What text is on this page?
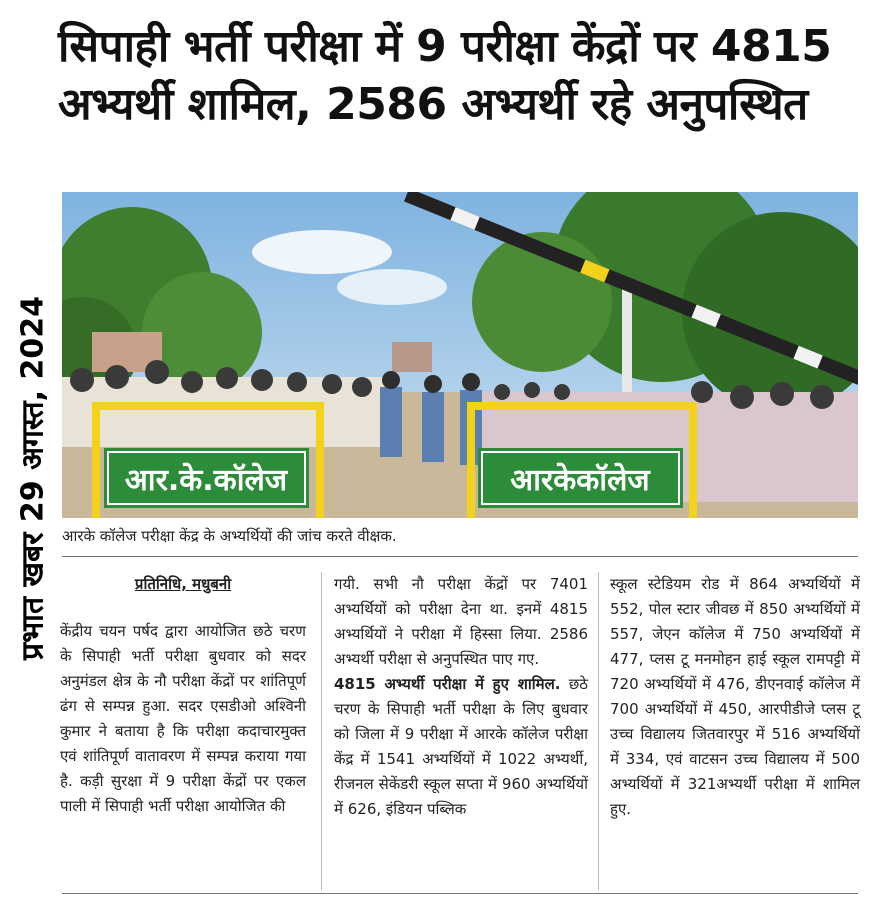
सिपाही भर्ती परीक्षा में 9 परीक्षा केंद्रों पर 4815 अभ्यर्थी शामिल, 2586 अभ्यर्थी रहे अनुपस्थित
प्रभात खबर 29 अगस्त, 2024 आर.के.कॉलेज	आरकेकॉलेज
आरके कॉलेज परीक्षा केंद्र के अभ्यर्थियों की जांच करते वीक्षक.
प्रतिनिधि, मधुबनी

केंद्रीय चयन पर्षद द्वारा आयोजित छठे चरण के सिपाही भर्ती परीक्षा बुधवार को सदर अनुमंडल क्षेत्र के नौ परीक्षा केंद्रों पर शांतिपूर्ण ढंग से सम्पन्न हुआ. सदर एसडीओ अश्विनी कुमार ने बताया है कि परीक्षा कदाचारमुक्त एवं शांतिपूर्ण वातावरण में सम्पन्न कराया गया है. कड़ी सुरक्षा में 9 परीक्षा केंद्रों पर एकल पाली में सिपाही भर्ती परीक्षा आयोजित की

गयी. सभी नौ परीक्षा केंद्रों पर 7401 अभ्यर्थियों को परीक्षा देना था. इनमें 4815 अभ्यर्थियों ने परीक्षा में हिस्सा लिया. 2586 अभ्यर्थी परीक्षा से अनुपस्थित पाए गए.

4815 अभ्यर्थी परीक्षा में हुए शामिल. छठे चरण के सिपाही भर्ती परीक्षा के लिए बुधवार को जिला में 9 परीक्षा में आरके कॉलेज परीक्षा केंद्र में 1541 अभ्यर्थियों में 1022 अभ्यर्थी, रीजनल सेकेंडरी स्कूल सप्ता में 960 अभ्यर्थियों में 626, इंडियन पब्लिक

स्कूल स्टेडियम रोड में 864 अभ्यर्थियों में 552, पोल स्टार जीवछ में 850 अभ्यर्थियों में 557, जेएन कॉलेज में 750 अभ्यर्थियों में 477, प्लस टू मनमोहन हाई स्कूल रामपट्टी में 720 अभ्यर्थियों में 476, डीएनवाई कॉलेज में 700 अभ्यर्थियों में 450, आरपीडीजे प्लस टू उच्च विद्यालय जितवारपुर में 516 अभ्यर्थियों में 334, एवं वाटसन उच्च विद्यालय में 500 अभ्यर्थियों में 321अभ्यर्थी परीक्षा में शामिल हुए.
